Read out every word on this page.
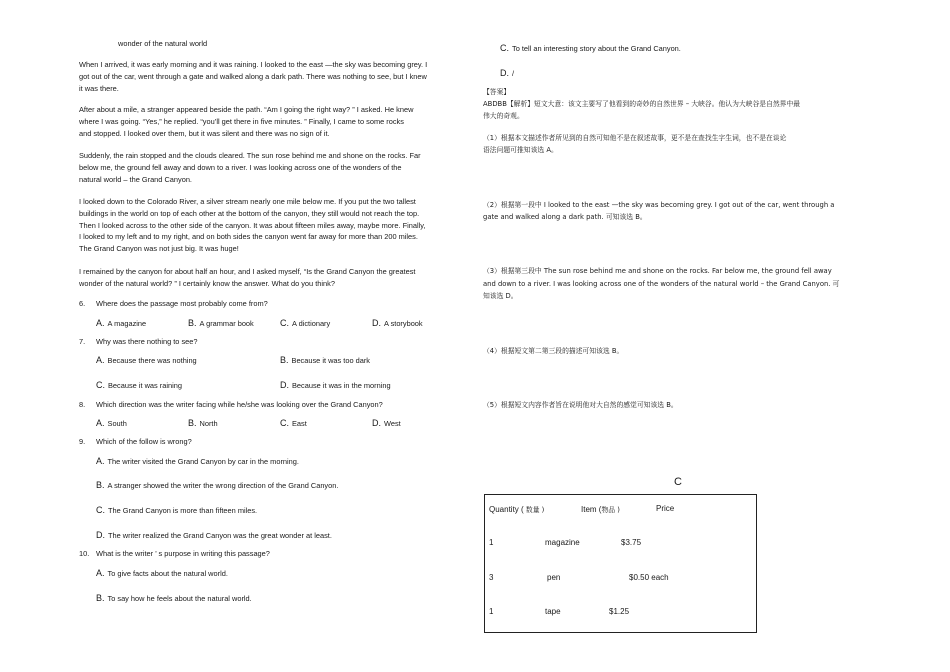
wonder of the natural world
When I arrived, it was early morning and it was raining. I looked to the east —the sky was becoming grey. I
got out of the car, went through a gate and walked along a dark path. There was nothing to see, but I knew
it was there.
After about a mile, a stranger appeared beside the path. “Am I going the right way? ” I asked. He knew
where I was going. “Yes,” he replied. “you’ll get there in five minutes. ” Finally, I came to some rocks
and stopped. I looked over them, but it was silent and there was no sign of it.
Suddenly, the rain stopped and the clouds cleared. The sun rose behind me and shone on the rocks. Far
below me, the ground fell away and down to a river. I was looking across one of the wonders of the
natural world – the Grand Canyon.
I looked down to the Colorado River, a silver stream nearly one mile below me. If you put the two tallest
buildings in the world on top of each other at the bottom of the canyon, they still would not reach the top.
Then I looked across to the other side of the canyon. It was about fifteen miles away, maybe more. Finally,
I looked to my left and to my right, and on both sides the canyon went far away for more than 200 miles.
The Grand Canyon was not just big. It was huge!
I remained by the canyon for about half an hour, and I asked myself, “Is the Grand Canyon the greatest
wonder of the natural world? ” I certainly know the answer. What do you think?
6. Where does the passage most probably come from?
A. A magazine	B. A grammar book	C. A dictionary	D. A storybook
7. Why was there nothing to see?
A. Because there was nothing	B. Because it was too dark
C. Because it was raining	D. Because it was in the morning
8. Which direction was the writer facing while he/she was looking over the Grand Canyon?
A. South	B. North	C. East	D. West
9. Which of the follow is wrong?
A. The writer visited the Grand Canyon by car in the morning.
B. A stranger showed the writer the wrong direction of the Grand Canyon.
C. The Grand Canyon is more than fifteen miles.
D. The writer realized the Grand Canyon was the great wonder at least.
10. What is the writer ’ s purpose in writing this passage?
A. To give facts about the natural world.
B. To say how he feels about the natural world.
C. To tell an interesting story about the Grand Canyon.
D. /
【答案】
ABDBB【解析】短文大意：该文主要写了他看到的奇妙的自然世界 – 大峡谷。他认为大峡谷是自然界中最
伟大的奇观。
（1）根据本文描述作者所见到的自然可知他不是在叙述故事，更不是在查找生字生词，也不是在谈论
语法问题可推知该选 A。
（2）根据第一段中 I looked to the east —the sky was becoming grey. I got out of the car, went through a
gate and walked along a dark path. 可知该选 B。
（3）根据第三段中 The sun rose behind me and shone on the rocks. Far below me, the ground fell away
and down to a river. I was looking across one of the wonders of the natural world – the Grand Canyon. 可
知该选 D。
（4）根据短文第二第三段的描述可知该选 B。
（5）根据短文内容作者旨在说明他对大自然的感觉可知该选 B。
C
Quantity ( 数量 )	Item (物品 )	Price
1	magazine	$3.75
3	pen	$0.50 each
1	tape	$1.25
